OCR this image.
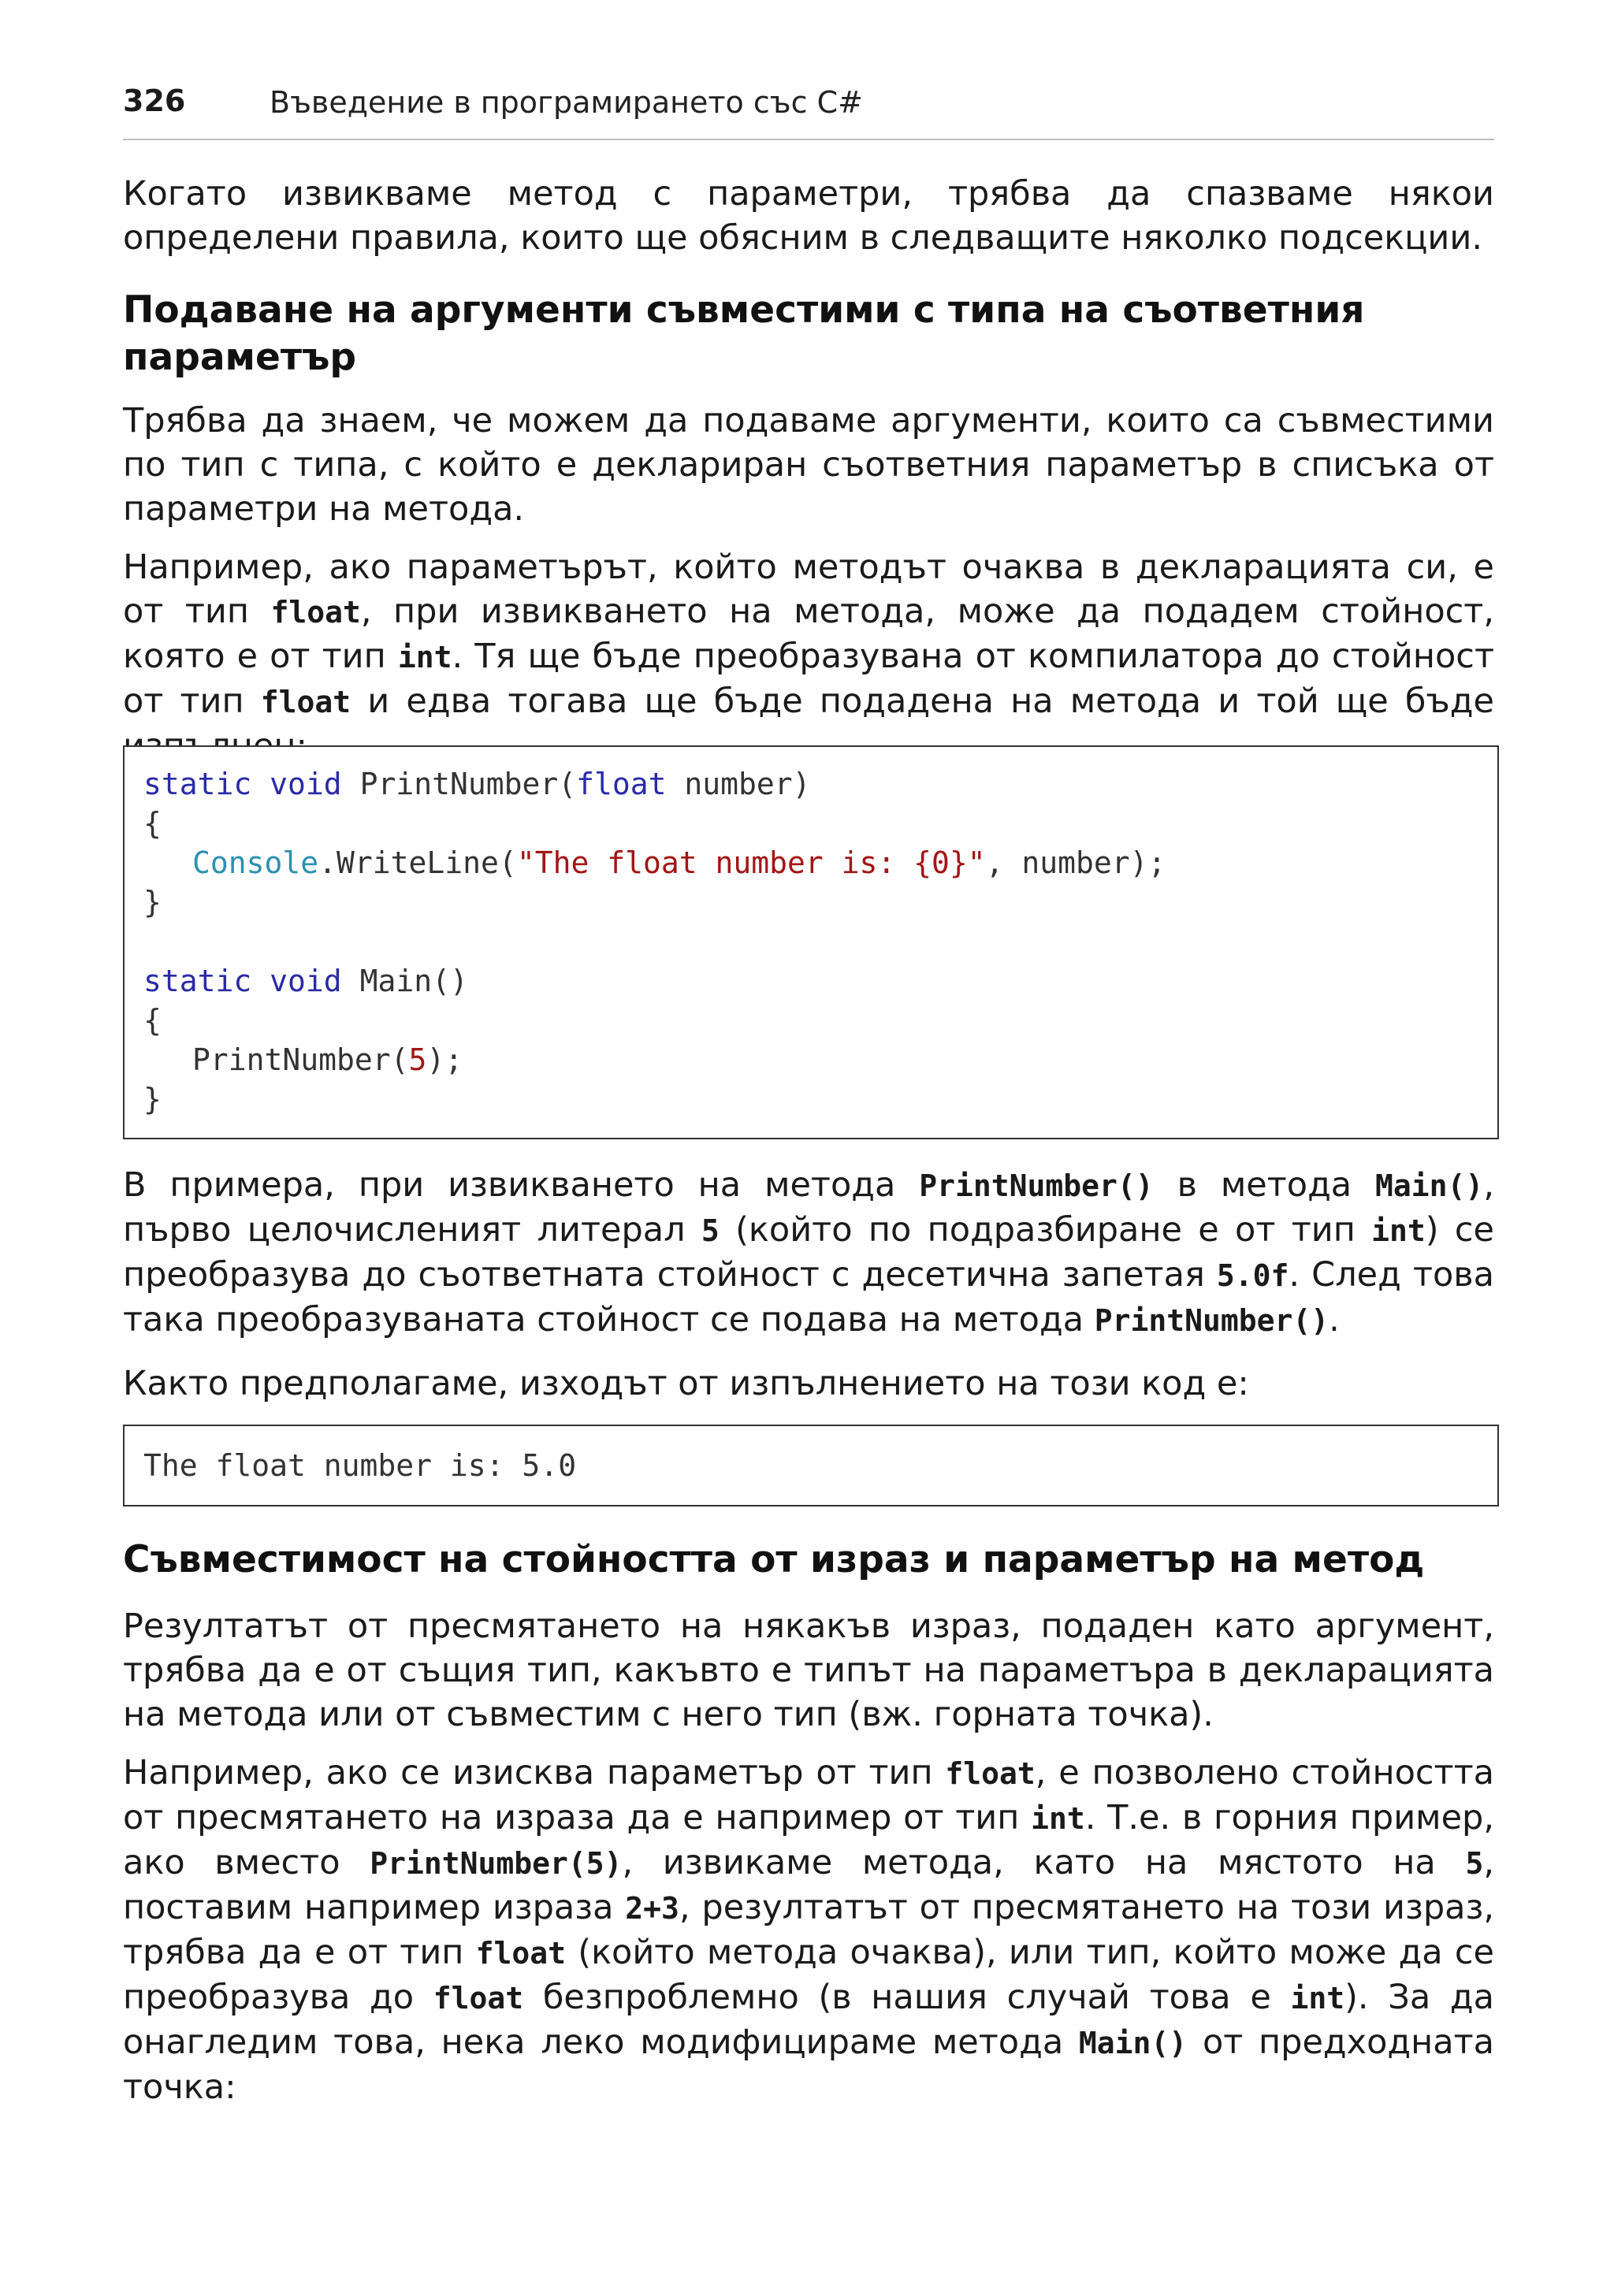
326	Въведение в програмирането със C#

Когато извикваме метод с параметри, трябва да спазваме някои определени правила, които ще обясним в следващите няколко подсекции.

Подаване на аргументи съвместими с типа на съответния параметър

Трябва да знаем, че можем да подаваме аргументи, които са съвместими по тип с типа, с който е деклариран съответния параметър в списъка от параметри на метода.

Например, ако параметърът, който методът очаква в декларацията си, е от тип float, при извикването на метода, може да подадем стойност, която е от тип int. Тя ще бъде преобразувана от компилатора до стойност от тип float и едва тогава ще бъде подадена на метода и той ще бъде

static void PrintNumber(float number)
{
Console.WriteLine("The float number is: {0}", number);
}
static void Main()
{
PrintNumber(5);
}

В примера, при извикването на метода PrintNumber() в метода Main(), първо целочисленият литерал 5 (който по подразбиране е от тип int) се преобразува до съответната стойност с десетична запетая 5.0f. След това така преобразуваната стойност се подава на метода PrintNumber().

Както предполагаме, изходът от изпълнението на този код е:

The float number is: 5.0
Съвместимост на стойността от израз и параметър на метод

Резултатът от пресмятането на някакъв израз, подаден като аргумент, трябва да е от същия тип, какъвто е типът на параметъра в декларацията на метода или от съвместим с него тип (вж. горната точка).

Например, ако се изисква параметър от тип float, е позволено стойността от пресмятането на израза да е например от тип int. Т.е. в горния пример, ако вместо PrintNumber(5), извикаме метода, като на мястото на 5, поставим например израза 2+3, резултатът от пресмятането на този израз, трябва да е от тип float (който метода очаква), или тип, който може да се преобразува до float безпроблемно (в нашия случай това е int). За да онагледим това, нека леко модифицираме метода Main() от предходната точка:
